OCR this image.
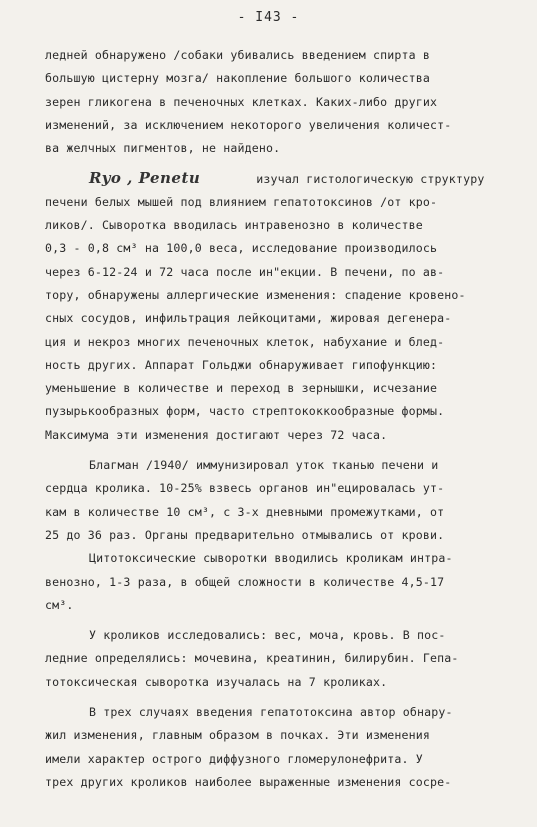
- I43 -
ледней обнаружено /собаки убивались введением спирта в
большую цистерну мозга/ накопление большого количества
зерен гликогена в печеночных клетках. Каких-либо других
изменений, за исключением некоторого увеличения количест-
ва желчных пигментов, не найдено.
Ryo , Penetu	изучал гистологическую структуру
печени белых мышей под влиянием гепатотоксинов /от кро-
ликов/. Сыворотка вводилась интравенозно в количестве
0,3 - 0,8 см³ на 100,0 веса, исследование производилось
через 6-12-24 и 72 часа после ин"екции. В печени, по ав-
тору, обнаружены аллергические изменения: спадение кровено-
сных сосудов, инфильтрация лейкоцитами, жировая дегенера-
ция и некроз многих печеночных клеток, набухание и блед-
ность других. Аппарат Гольджи обнаруживает гипофункцию:
уменьшение в количестве и переход в зернышки, исчезание
пузырькообразных форм, часто стрептококкообразные формы.
Максимума эти изменения достигают через 72 часа.
Благман /1940/ иммунизировал уток тканью печени и
сердца кролика. 10-25% взвесь органов ин"ецировалась ут-
кам в количестве 10 см³, с 3-х дневными промежутками, от
25 до 36 раз. Органы предварительно отмывались от крови.
Цитотоксические сыворотки вводились кроликам интра-
венозно, 1-3 раза, в общей сложности в количестве 4,5-17
см³.
У кроликов исследовались: вес, моча, кровь. В пос-
ледние определялись: мочевина, креатинин, билирубин. Гепа-
тотоксическая сыворотка изучалась на 7 кроликах.
В трех случаях введения гепатотоксина автор обнару-
жил изменения, главным образом в почках. Эти изменения
имели характер острого диффузного гломерулонефрита. У
трех других кроликов наиболее выраженные изменения сосре-
